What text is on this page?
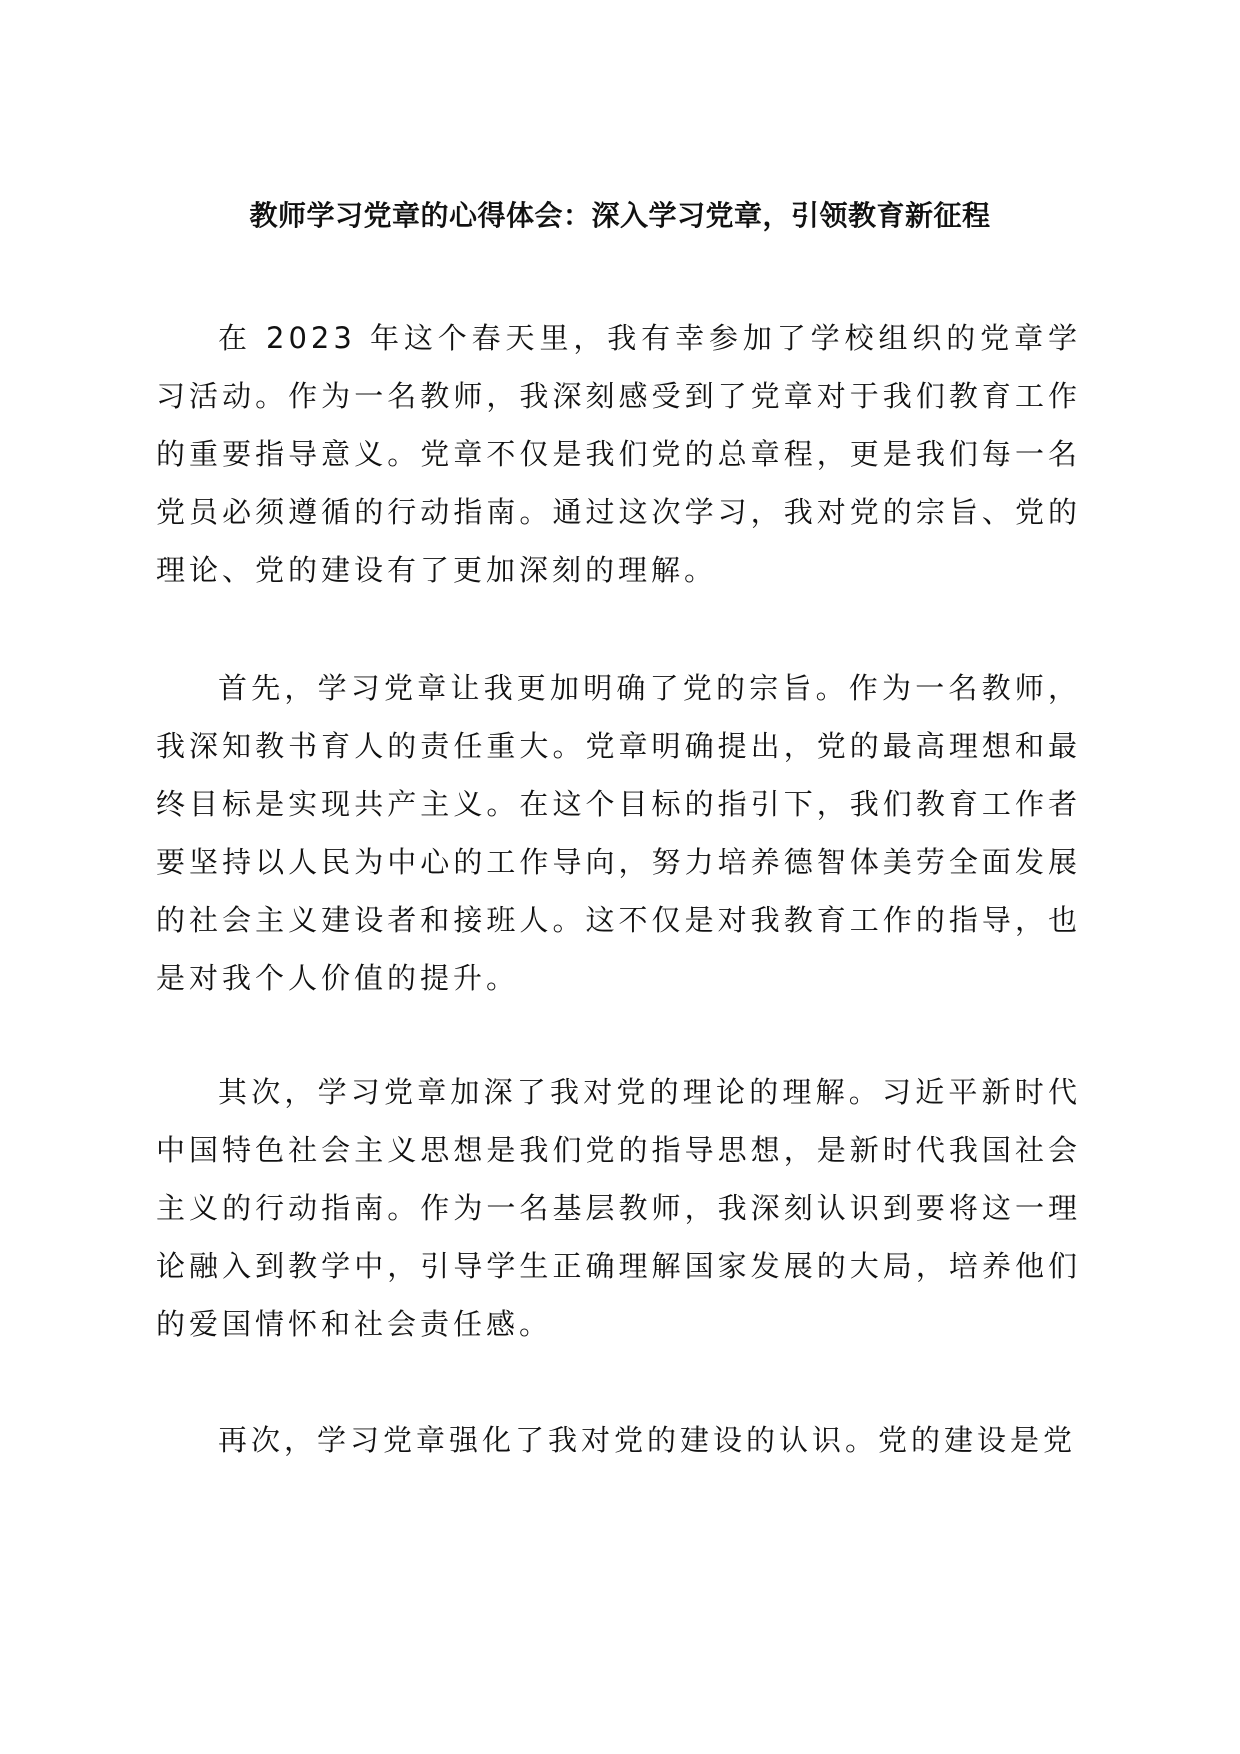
教师学习党章的心得体会：深入学习党章，引领教育新征程

在 2023 年这个春天里，我有幸参加了学校组织的党章学习活动。作为一名教师，我深刻感受到了党章对于我们教育工作的重要指导意义。党章不仅是我们党的总章程，更是我们每一名党员必须遵循的行动指南。通过这次学习，我对党的宗旨、党的理论、党的建设有了更加深刻的理解。

首先，学习党章让我更加明确了党的宗旨。作为一名教师，我深知教书育人的责任重大。党章明确提出，党的最高理想和最终目标是实现共产主义。在这个目标的指引下，我们教育工作者要坚持以人民为中心的工作导向，努力培养德智体美劳全面发展的社会主义建设者和接班人。这不仅是对我教育工作的指导，也是对我个人价值的提升。

其次，学习党章加深了我对党的理论的理解。习近平新时代中国特色社会主义思想是我们党的指导思想，是新时代我国社会主义的行动指南。作为一名基层教师，我深刻认识到要将这一理论融入到教学中，引导学生正确理解国家发展的大局，培养他们的爱国情怀和社会责任感。

再次，学习党章强化了我对党的建设的认识。党的建设是党
